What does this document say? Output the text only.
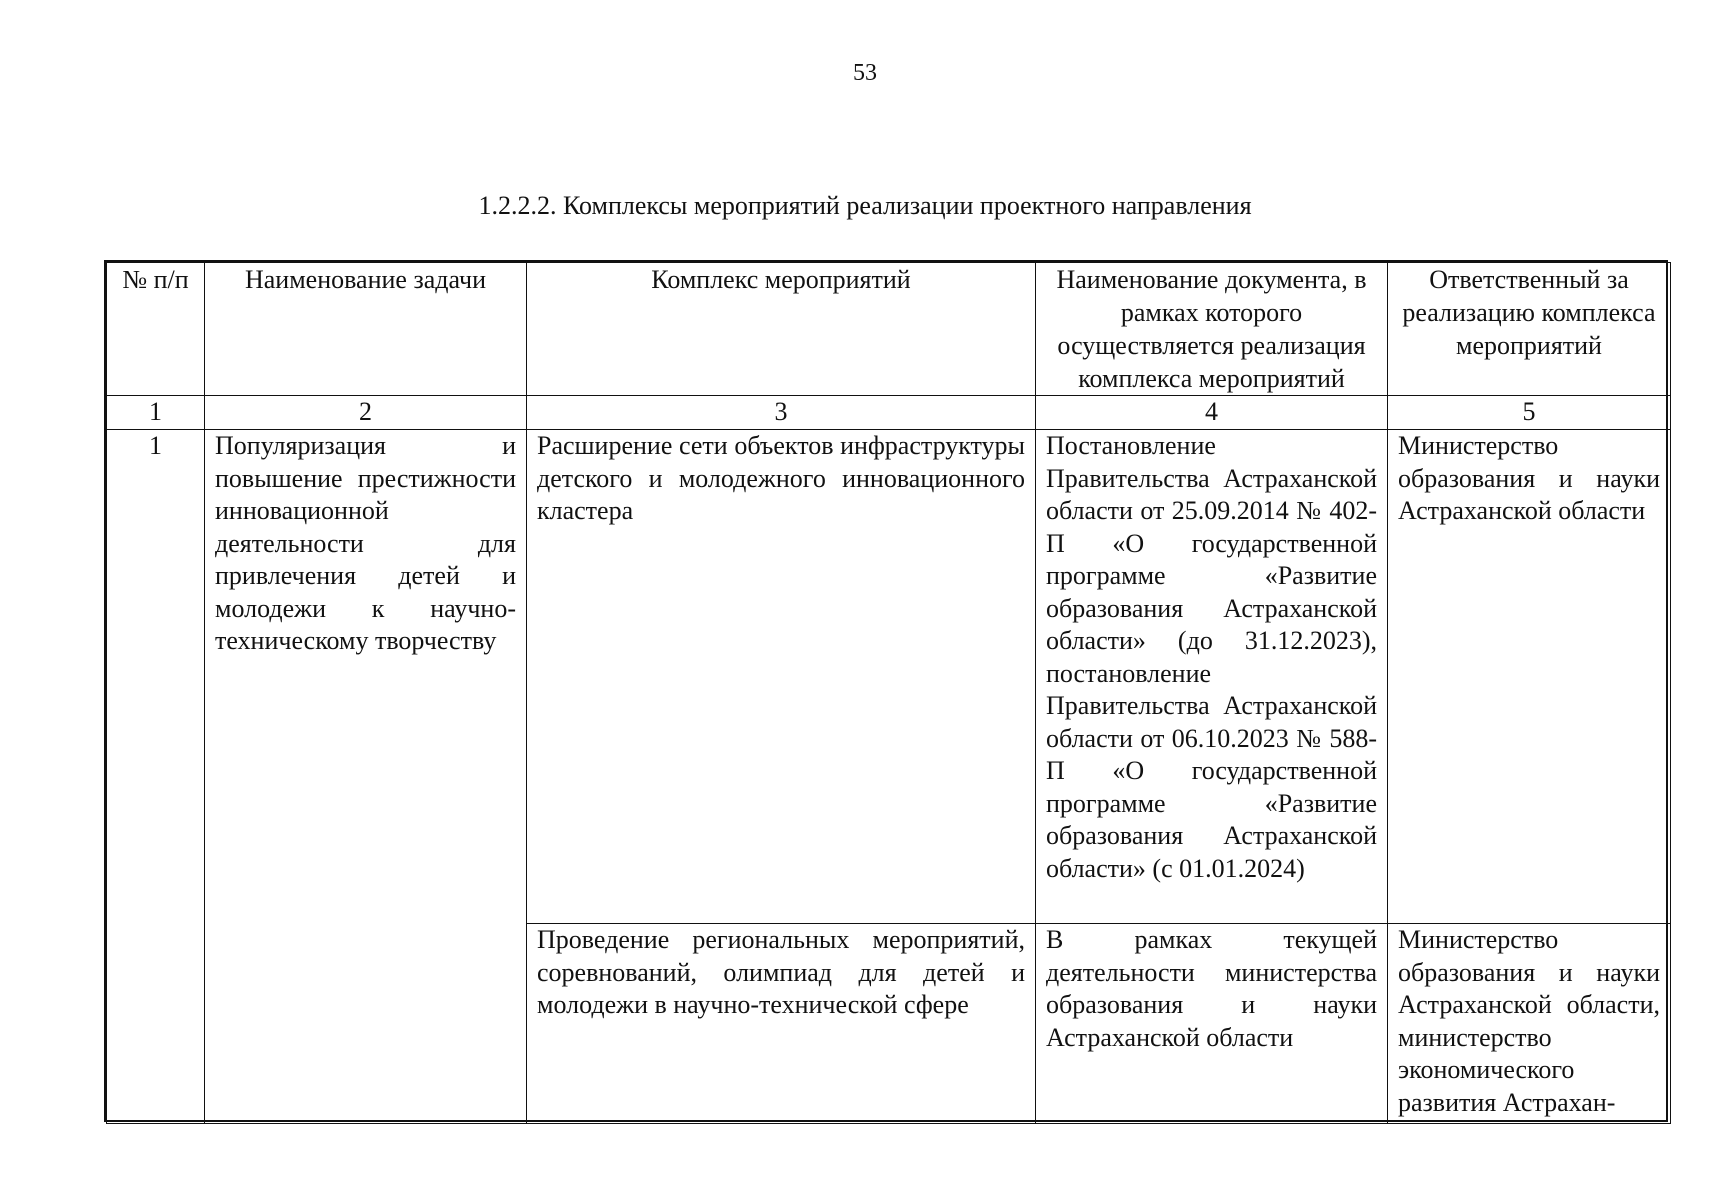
53
1.2.2.2. Комплексы мероприятий реализации проектного направления
№ п/п	Наименование задачи	Комплекс мероприятий	Наименование документа, в рамках которого осуществляется реализация комплекса мероприятий	Ответственный за реализацию комплекса мероприятий
1	2	3	4	5
1	Популяризация и повышение престижности инновационной деятельности для привлечения детей и молодежи к научно-техническому творчеству	Расширение сети объектов инфраструктуры детского и молодежного инновационного кластера	Постановление Правительства Астраханской области от 25.09.2014 № 402-П «О государственной программе «Развитие образования Астраханской области» (до 31.12.2023), постановление Правительства Астраханской области от 06.10.2023 № 588-П «О государственной программе «Развитие образования Астраханской области» (с 01.01.2024)	Министерство образования и науки Астраханской области
		Проведение региональных мероприятий, соревнований, олимпиад для детей и молодежи в научно-технической сфере	В рамках текущей деятельности министерства образования и науки Астраханской области	Министерство образования и науки Астраханской области, министерство экономического развития Астрахан-
